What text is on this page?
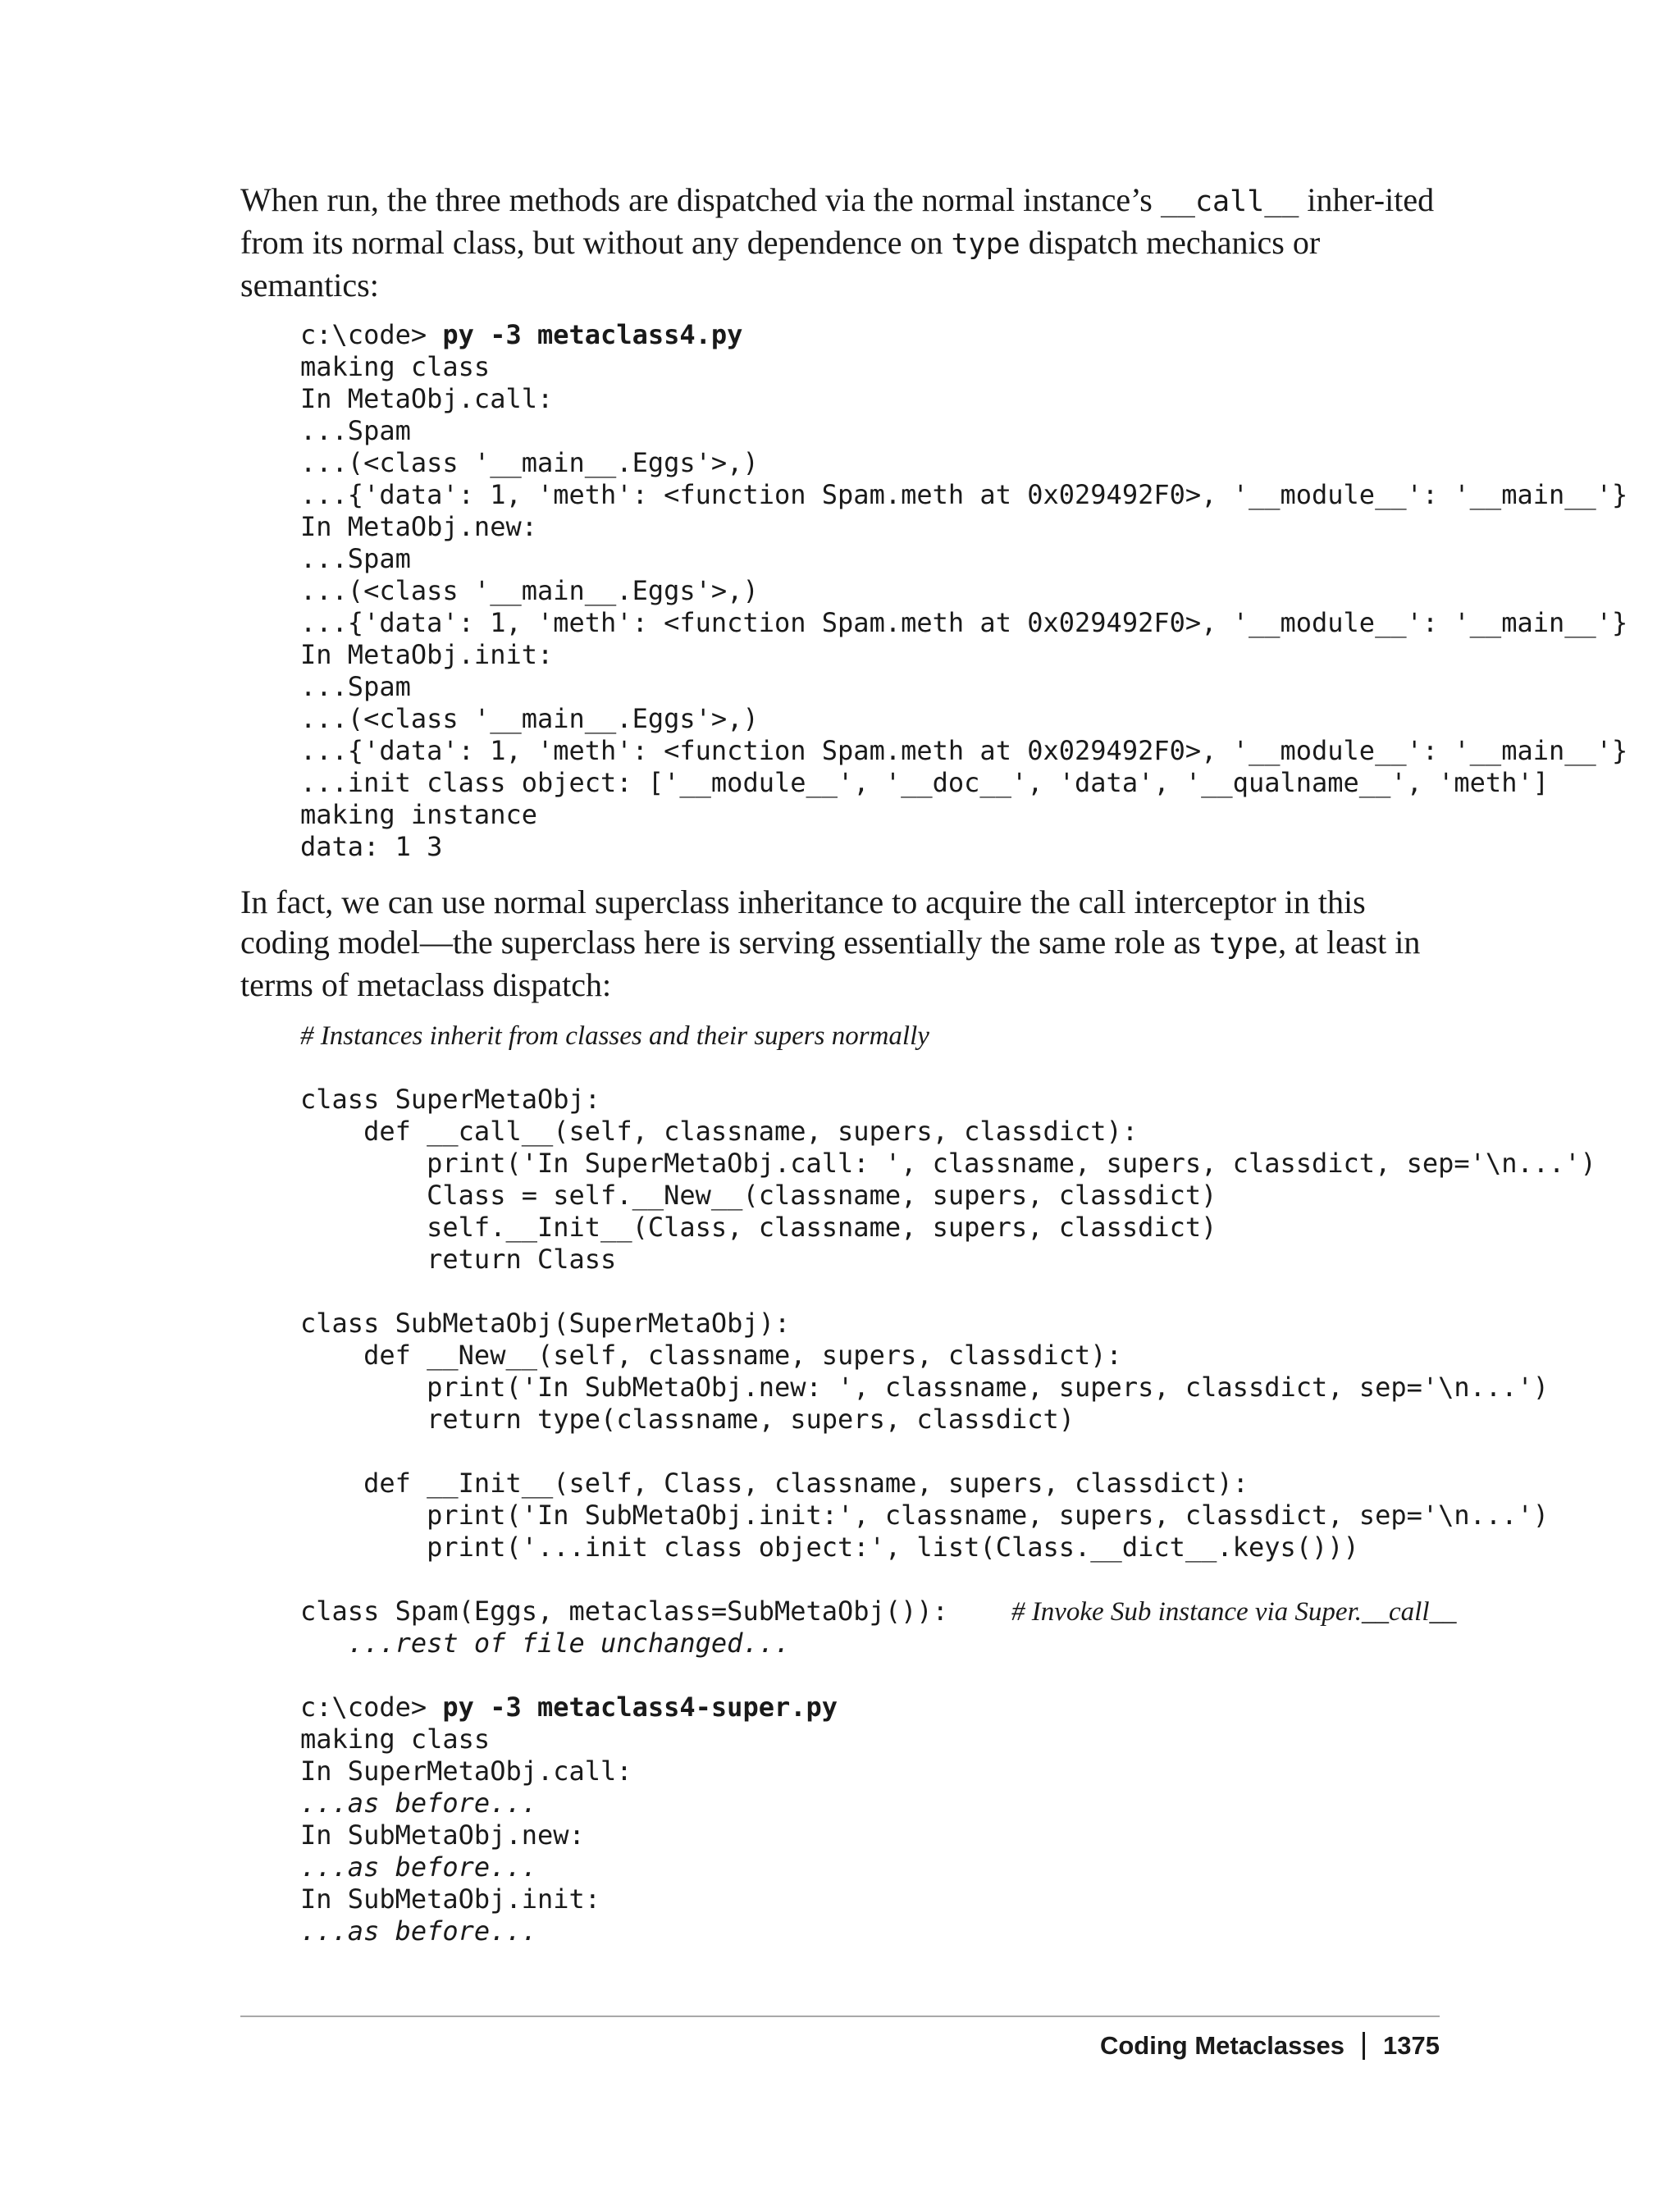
When run, the three methods are dispatched via the normal instance’s __call__ inher-ited from its normal class, but without any dependence on type dispatch mechanics or semantics:

c:\code> py -3 metaclass4.py
making class
In MetaObj.call:
...Spam
...(<class '__main__.Eggs'>,)
...{'data': 1, 'meth': <function Spam.meth at 0x029492F0>, '__module__': '__main__'}
In MetaObj.new:
...Spam
...(<class '__main__.Eggs'>,)
...{'data': 1, 'meth': <function Spam.meth at 0x029492F0>, '__module__': '__main__'}
In MetaObj.init:
...Spam
...(<class '__main__.Eggs'>,)
...{'data': 1, 'meth': <function Spam.meth at 0x029492F0>, '__module__': '__main__'}
...init class object: ['__module__', '__doc__', 'data', '__qualname__', 'meth']
making instance
data: 1 3

In fact, we can use normal superclass inheritance to acquire the call interceptor in this coding model—the superclass here is serving essentially the same role as type, at least in terms of metaclass dispatch:

# Instances inherit from classes and their supers normally
class SuperMetaObj:
def __call__(self, classname, supers, classdict):
print('In SuperMetaObj.call: ', classname, supers, classdict, sep='\n...')
Class = self.__New__(classname, supers, classdict)
self.__Init__(Class, classname, supers, classdict)
return Class
class SubMetaObj(SuperMetaObj):
def __New__(self, classname, supers, classdict):
print('In SubMetaObj.new: ', classname, supers, classdict, sep='\n...')
return type(classname, supers, classdict)
def __Init__(self, Class, classname, supers, classdict):
print('In SubMetaObj.init:', classname, supers, classdict, sep='\n...')
print('...init class object:', list(Class.__dict__.keys()))
class Spam(Eggs, metaclass=SubMetaObj()):    # Invoke Sub instance via Super.__call__
...rest of file unchanged...
c:\code> py -3 metaclass4-super.py
making class
In SuperMetaObj.call:
...as before...
In SubMetaObj.new:
...as before...
In SubMetaObj.init:
...as before...
Coding Metaclasses 1375
